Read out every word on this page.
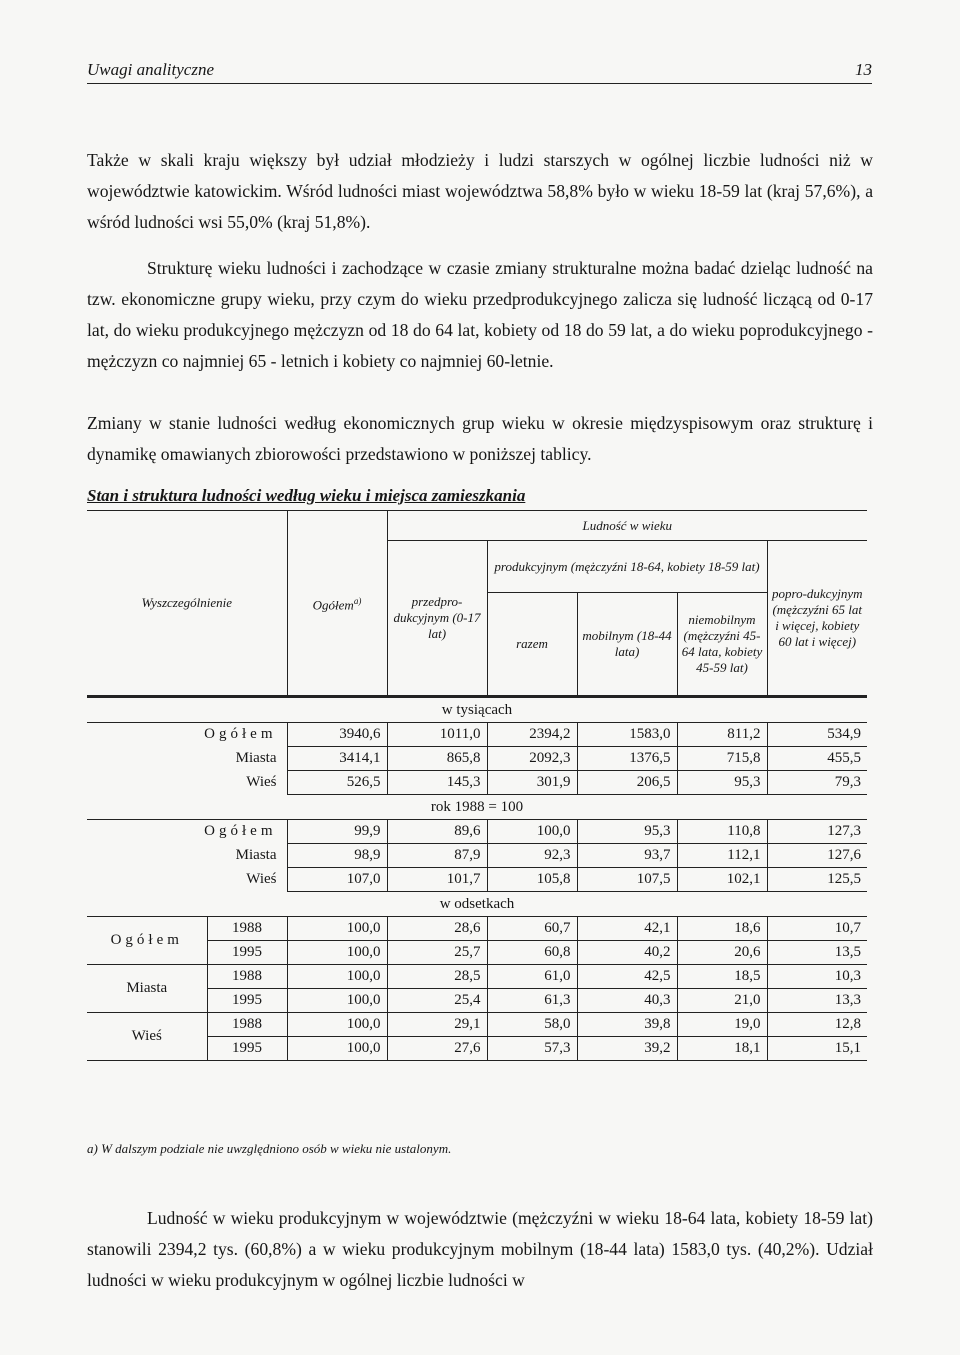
Uwagi analityczne	13

Także w skali kraju większy był udział młodzieży i ludzi starszych w ogólnej liczbie ludności niż w województwie katowickim. Wśród ludności miast województwa 58,8% było w wieku 18-59 lat (kraj 57,6%), a wśród ludności wsi 55,0% (kraj 51,8%).

Strukturę wieku ludności i zachodzące w czasie zmiany strukturalne można badać dzieląc ludność na tzw. ekonomiczne grupy wieku, przy czym do wieku przedprodukcyjnego zalicza się ludność liczącą od 0-17 lat, do wieku produkcyjnego mężczyzn od 18 do 64 lat, kobiety od 18 do 59 lat, a do wieku poprodukcyjnego - mężczyzn co najmniej 65 - letnich i kobiety co najmniej 60-letnie.

Zmiany w stanie ludności według ekonomicznych grup wieku w okresie międzyspisowym oraz strukturę i dynamikę omawianych zbiorowości przedstawiono w poniższej tablicy.

Stan i struktura ludności według wieku i miejsca zamieszkania
Wyszczególnienie		Ogółem$^{a)}$	Ludność w wieku				
			przedpro-dukcyjnym (0-17 lat)	produkcyjnym (mężczyźni 18-64, kobiety 18-59 lat)			popro-dukcyjnym (mężczyźni 65 lat i więcej, kobiety 60 lat i więcej)
				razem	mobilnym (18-44 lata)	niemobilnym (mężczyźni 45-64 lata, kobiety 45-59 lat)	
w tysiącach							
Ogółem		3940,6	1011,0	2394,2	1583,0	811,2	534,9
Miasta		3414,1	865,8	2092,3	1376,5	715,8	455,5
Wieś		526,5	145,3	301,9	206,5	95,3	79,3
rok 1988 = 100							
Ogółem		99,9	89,6	100,0	95,3	110,8	127,3
Miasta		98,9	87,9	92,3	93,7	112,1	127,6
Wieś		107,0	101,7	105,8	107,5	102,1	125,5
w odsetkach							
Ogółem	1988	100,0	28,6	60,7	42,1	18,6	10,7
	1995	100,0	25,7	60,8	40,2	20,6	13,5
Miasta	1988	100,0	28,5	61,0	42,5	18,5	10,3
	1995	100,0	25,4	61,3	40,3	21,0	13,3
Wieś	1988	100,0	29,1	58,0	39,8	19,0	12,8
	1995	100,0	27,6	57,3	39,2	18,1	15,1
a) W dalszym podziale nie uwzględniono osób w wieku nie ustalonym.

Ludność w wieku produkcyjnym w województwie (mężczyźni w wieku 18-64 lata, kobiety 18-59 lat) stanowili 2394,2 tys. (60,8%) a w wieku produkcyjnym mobilnym (18-44 lata) 1583,0 tys. (40,2%). Udział ludności w wieku produkcyjnym w ogólnej liczbie ludności w
